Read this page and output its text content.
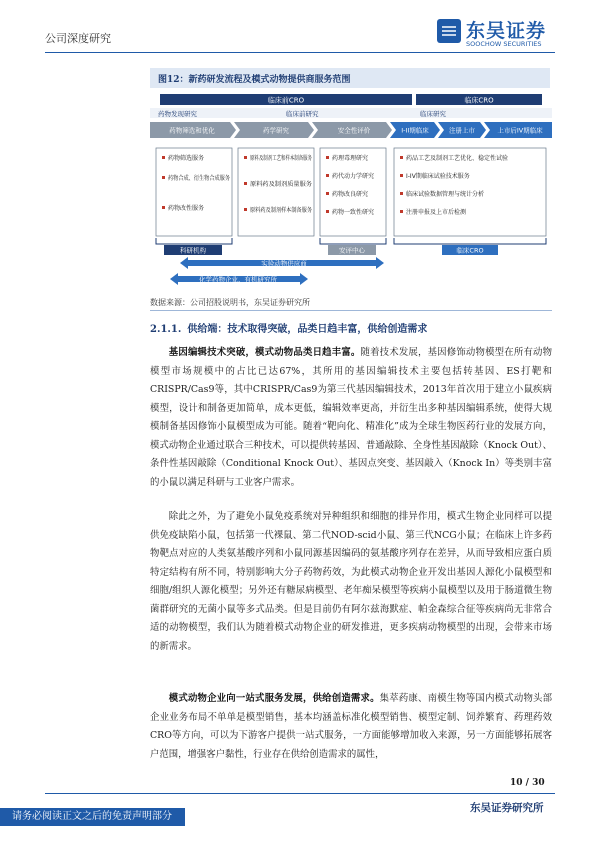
公司深度研究	东吴证券
SOOCHOW SECURITIES
图12：新药研发流程及模式动物提供商服务范围
临床前CRO	临床CRO
药物发现研究	临床前研究	临床研究
药物筛选和优化	药学研究	安全性评价	I-II期临床	注册上市	上市后IV期临床
药物筛选服务
药物合成、衍生物合成服务
药物改性服务
原料及制剂工艺和样本制备服务
原料药及制剂质量服务
原料药及制剂样本制备服务
药理毒理研究
药代动力学研究
药物改良研究
药物一致性研究
药品工艺及制剂工艺优化、稳定性试验
I-IV期临床试验技术服务
临床试验数据管理与统计分析
注册申报及上市后检测
科研机构	安评中心	临床CRO
实验动物供应商
化学药物企业、有机研究所
数据来源：公司招股说明书，东吴证券研究所
2.1.1. 供给端：技术取得突破，品类日趋丰富，供给创造需求
基因编辑技术突破，模式动物品类日趋丰富。随着技术发展，基因修饰动物模型在所有动物模型市场规模中的占比已达67%，其所用的基因编辑技术主要包括转基因、ES打靶和CRISPR/Cas9等，其中CRISPR/Cas9为第三代基因编辑技术，2013年首次用于建立小鼠疾病模型，设计和制备更加简单，成本更低，编辑效率更高，并衍生出多种基因编辑系统，使得大规模制备基因修饰小鼠模型成为可能。随着“靶向化、精准化”成为全球生物医药行业的发展方向，模式动物企业通过联合三种技术，可以提供转基因、普通敲除、全身性基因敲除（Knock Out）、条件性基因敲除（Conditional Knock Out）、基因点突变、基因敲入（Knock In）等类别丰富的小鼠以满足科研与工业客户需求。
除此之外，为了避免小鼠免疫系统对异种组织和细胞的排异作用，模式生物企业同样可以提供免疫缺陷小鼠，包括第一代裸鼠、第二代NOD-scid小鼠、第三代NCG小鼠；在临床上许多药物靶点对应的人类氨基酸序列和小鼠同源基因编码的氨基酸序列存在差异，从而导致相应蛋白质特定结构有所不同，特别影响大分子药物药效，为此模式动物企业开发出基因人源化小鼠模型和细胞/组织人源化模型；另外还有糖尿病模型、老年痴呆模型等疾病小鼠模型以及用于肠道微生物菌群研究的无菌小鼠等多式品类。但是目前仍有阿尔兹海默症、帕金森综合征等疾病尚无非常合适的动物模型，我们认为随着模式动物企业的研发推进，更多疾病动物模型的出现，会带来市场的新需求。
模式动物企业向一站式服务发展，供给创造需求。集萃药康、南模生物等国内模式动物头部企业业务布局不单单是模型销售，基本均涵盖标准化模型销售、模型定制、饲养繁育、药理药效CRO等方向，可以为下游客户提供一站式服务，一方面能够增加收入来源，另一方面能够拓展客户范围，增强客户黏性，行业存在供给创造需求的属性，
10 / 30
东吴证券研究所
请务必阅读正文之后的免责声明部分
